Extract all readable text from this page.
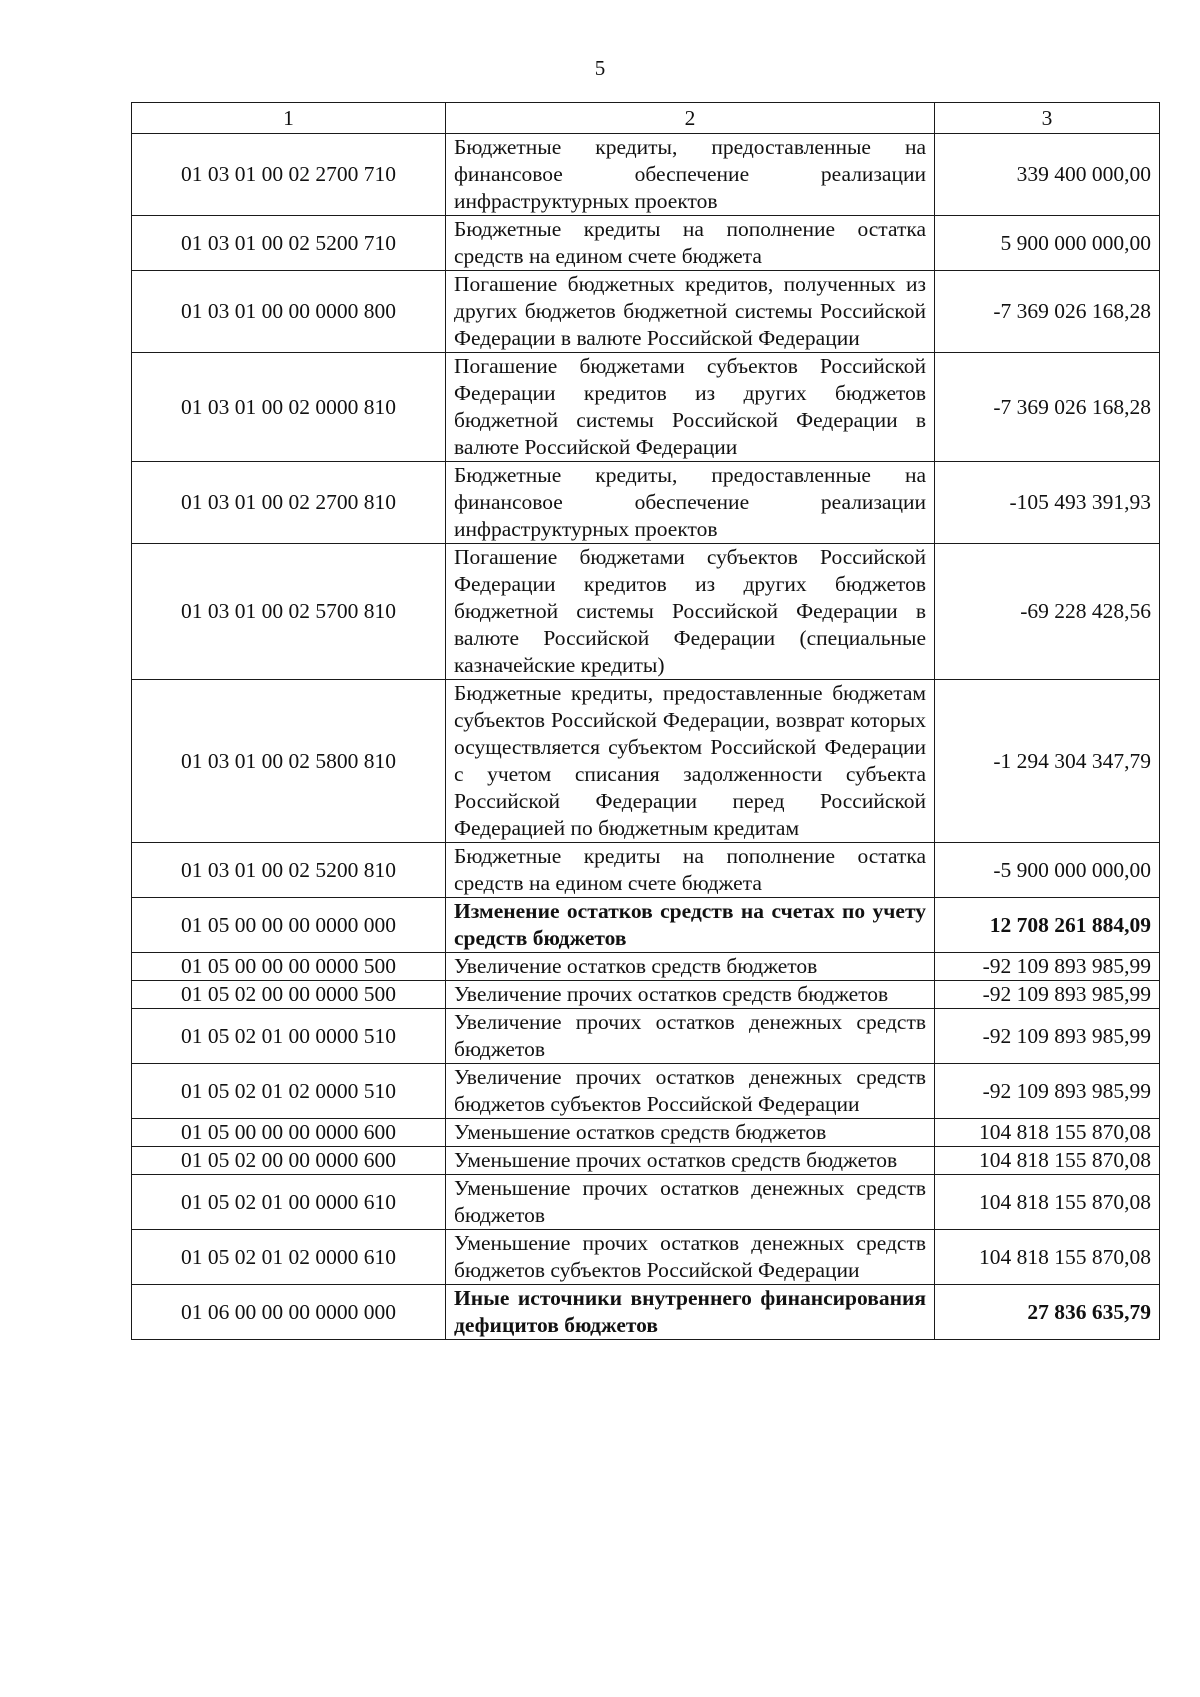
5
1	2	3
01 03 01 00 02 2700 710	Бюджетные кредиты, предоставленные на финансовое обеспечение реализации инфраструктурных проектов	339 400 000,00
01 03 01 00 02 5200 710	Бюджетные кредиты на пополнение остатка средств на едином счете бюджета	5 900 000 000,00
01 03 01 00 00 0000 800	Погашение бюджетных кредитов, полученных из других бюджетов бюджетной системы Российской Федерации в валюте Российской Федерации	-7 369 026 168,28
01 03 01 00 02 0000 810	Погашение бюджетами субъектов Российской Федерации кредитов из других бюджетов бюджетной системы Российской Федерации в валюте Российской Федерации	-7 369 026 168,28
01 03 01 00 02 2700 810	Бюджетные кредиты, предоставленные на финансовое обеспечение реализации инфраструктурных проектов	-105 493 391,93
01 03 01 00 02 5700 810	Погашение бюджетами субъектов Российской Федерации кредитов из других бюджетов бюджетной системы Российской Федерации в валюте Российской Федерации (специальные казначейские кредиты)	-69 228 428,56
01 03 01 00 02 5800 810	Бюджетные кредиты, предоставленные бюджетам субъектов Российской Федерации, возврат которых осуществляется субъектом Российской Федерации с учетом списания задолженности субъекта Российской Федерации перед Российской Федерацией по бюджетным кредитам	-1 294 304 347,79
01 03 01 00 02 5200 810	Бюджетные кредиты на пополнение остатка средств на едином счете бюджета	-5 900 000 000,00
01 05 00 00 00 0000 000	Изменение остатков средств на счетах по учету средств бюджетов	12 708 261 884,09
01 05 00 00 00 0000 500	Увеличение остатков средств бюджетов	-92 109 893 985,99
01 05 02 00 00 0000 500	Увеличение прочих остатков средств бюджетов	-92 109 893 985,99
01 05 02 01 00 0000 510	Увеличение прочих остатков денежных средств бюджетов	-92 109 893 985,99
01 05 02 01 02 0000 510	Увеличение прочих остатков денежных средств бюджетов субъектов Российской Федерации	-92 109 893 985,99
01 05 00 00 00 0000 600	Уменьшение остатков средств бюджетов	104 818 155 870,08
01 05 02 00 00 0000 600	Уменьшение прочих остатков средств бюджетов	104 818 155 870,08
01 05 02 01 00 0000 610	Уменьшение прочих остатков денежных средств бюджетов	104 818 155 870,08
01 05 02 01 02 0000 610	Уменьшение прочих остатков денежных средств бюджетов субъектов Российской Федерации	104 818 155 870,08
01 06 00 00 00 0000 000	Иные источники внутреннего финансирования дефицитов бюджетов	27 836 635,79
